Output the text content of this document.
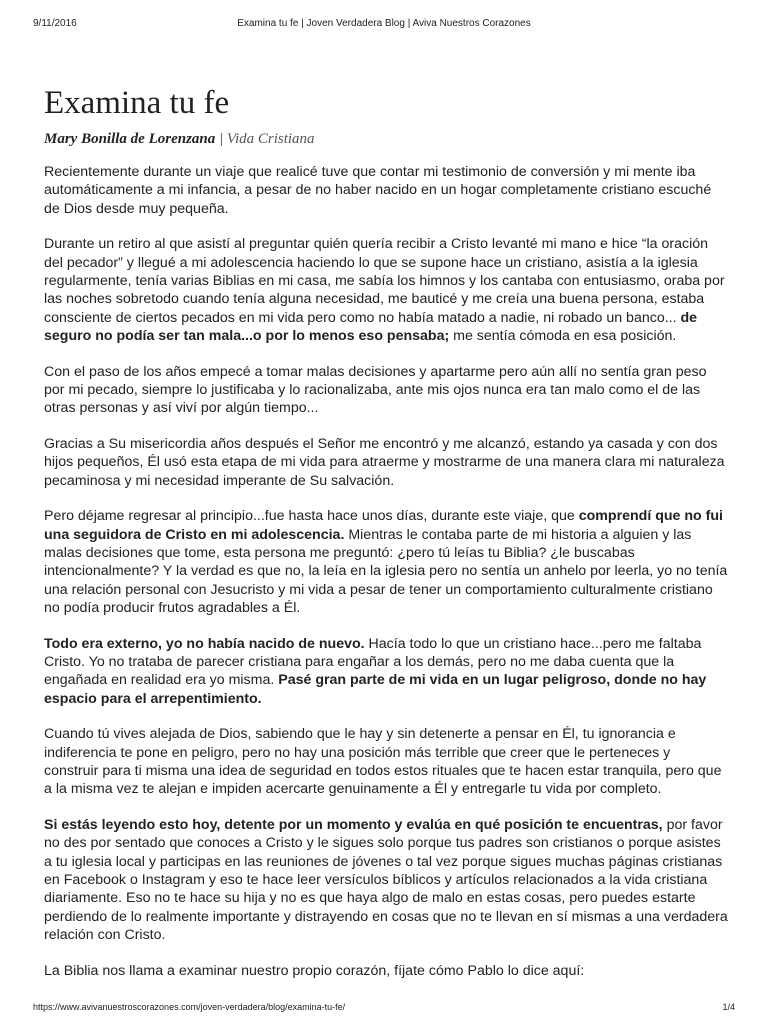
9/11/2016	Examina tu fe | Joven Verdadera Blog | Aviva Nuestros Corazones
Examina tu fe
Mary Bonilla de Lorenzana | Vida Cristiana

Recientemente durante un viaje que realicé tuve que contar mi testimonio de conversión y mi mente iba automáticamente a mi infancia, a pesar de no haber nacido en un hogar completamente cristiano escuché de Dios desde muy pequeña.

Durante un retiro al que asistí al preguntar quién quería recibir a Cristo levanté mi mano e hice “la oración del pecador” y llegué a mi adolescencia haciendo lo que se supone hace un cristiano, asistía a la iglesia regularmente, tenía varias Biblias en mi casa, me sabía los himnos y los cantaba con entusiasmo, oraba por las noches sobretodo cuando tenía alguna necesidad, me bauticé y me creía una buena persona, estaba consciente de ciertos pecados en mi vida pero como no había matado a nadie, ni robado un banco... de seguro no podía ser tan mala...o por lo menos eso pensaba; me sentía cómoda en esa posición.

Con el paso de los años empecé a tomar malas decisiones y apartarme pero aún allí no sentía gran peso por mi pecado, siempre lo justificaba y lo racionalizaba, ante mis ojos nunca era tan malo como el de las otras personas y así viví por algún tiempo...

Gracias a Su misericordia años después el Señor me encontró y me alcanzó, estando ya casada y con dos hijos pequeños, Él usó esta etapa de mi vida para atraerme y mostrarme de una manera clara mi naturaleza pecaminosa y mi necesidad imperante de Su salvación.

Pero déjame regresar al principio...fue hasta hace unos días, durante este viaje, que comprendí que no fui una seguidora de Cristo en mi adolescencia. Mientras le contaba parte de mi historia a alguien y las malas decisiones que tome, esta persona me preguntó: ¿pero tú leías tu Biblia? ¿le buscabas intencionalmente? Y la verdad es que no, la leía en la iglesia pero no sentía un anhelo por leerla, yo no tenía una relación personal con Jesucristo y mi vida a pesar de tener un comportamiento culturalmente cristiano no podía producir frutos agradables a Él.

Todo era externo, yo no había nacido de nuevo. Hacía todo lo que un cristiano hace...pero me faltaba Cristo. Yo no trataba de parecer cristiana para engañar a los demás, pero no me daba cuenta que la engañada en realidad era yo misma. Pasé gran parte de mi vida en un lugar peligroso, donde no hay espacio para el arrepentimiento.

Cuando tú vives alejada de Dios, sabiendo que le hay y sin detenerte a pensar en Él, tu ignorancia e indiferencia te pone en peligro, pero no hay una posición más terrible que creer que le perteneces y construir para ti misma una idea de seguridad en todos estos rituales que te hacen estar tranquila, pero que a la misma vez te alejan e impiden acercarte genuinamente a Él y entregarle tu vida por completo.

Si estás leyendo esto hoy, detente por un momento y evalúa en qué posición te encuentras, por favor no des por sentado que conoces a Cristo y le sigues solo porque tus padres son cristianos o porque asistes a tu iglesia local y participas en las reuniones de jóvenes o tal vez porque sigues muchas páginas cristianas en Facebook o Instagram y eso te hace leer versículos bíblicos y artículos relacionados a la vida cristiana diariamente. Eso no te hace su hija y no es que haya algo de malo en estas cosas, pero puedes estarte perdiendo de lo realmente importante y distrayendo en cosas que no te llevan en sí mismas a una verdadera relación con Cristo.

La Biblia nos llama a examinar nuestro propio corazón, fíjate cómo Pablo lo dice aquí:

https://www.avivanuestroscorazones.com/joven-verdadera/blog/examina-tu-fe/	1/4
